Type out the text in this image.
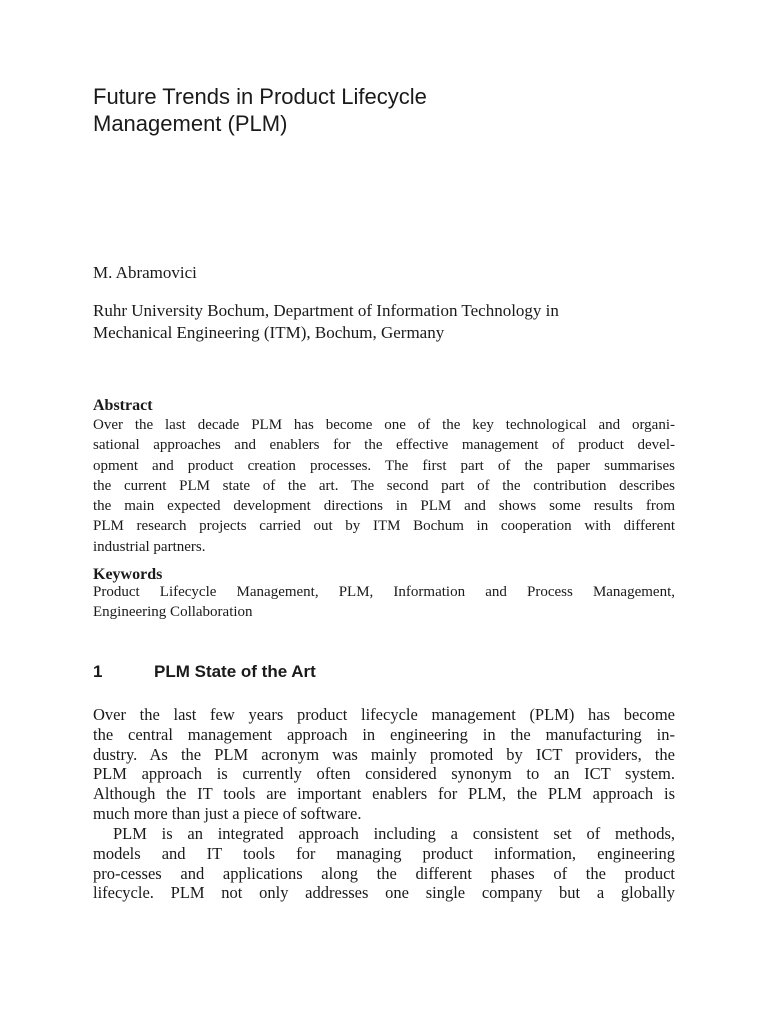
Future Trends in Product Lifecycle
Management (PLM)
M. Abramovici
Ruhr University Bochum, Department of Information Technology in
Mechanical Engineering (ITM), Bochum, Germany
Abstract
Over the last decade PLM has become one of the key technological and organi-
sational approaches and enablers for the effective management of product devel-
opment and product creation processes. The first part of the paper summarises
the current PLM state of the art. The second part of the contribution describes
the main expected development directions in PLM and shows some results from
PLM research projects carried out by ITM Bochum in cooperation with different
industrial partners.
Keywords
Product Lifecycle Management, PLM, Information and Process Management,
Engineering Collaboration
1	PLM State of the Art
Over the last few years product lifecycle management (PLM) has become
the central management approach in engineering in the manufacturing in-
dustry. As the PLM acronym was mainly promoted by ICT providers, the
PLM approach is currently often considered synonym to an ICT system.
Although the IT tools are important enablers for PLM, the PLM approach is
much more than just a piece of software.
PLM is an integrated approach including a consistent set of methods,
models and IT tools for managing product information, engineering
pro-cesses and applications along the different phases of the product
lifecycle. PLM not only addresses one single company but a globally
